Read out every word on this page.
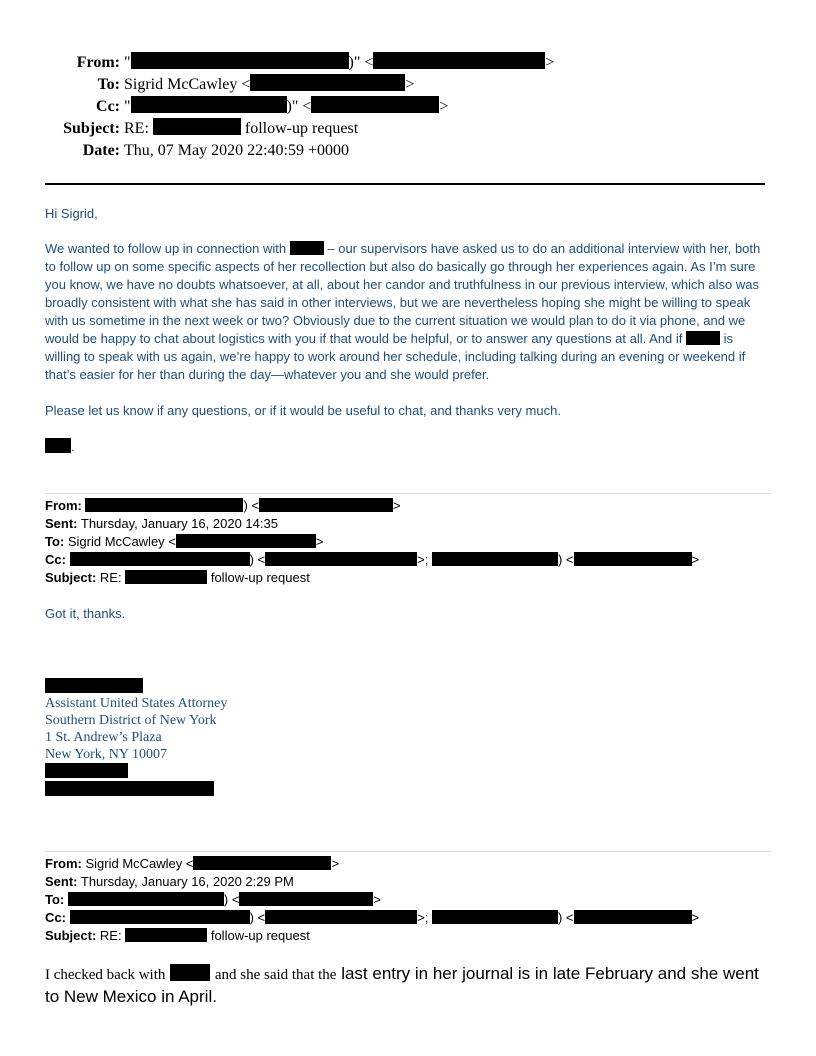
From: "	)" <	>
To: Sigrid McCawley <	>
Cc: "	)" <	>
Subject: RE:	follow-up request
Date: Thu, 07 May 2020 22:40:59 +0000
Hi Sigrid,
We wanted to follow up in connection with	– our supervisors have asked us to do an additional interview with her, both to follow up on some specific aspects of her recollection but also do basically go through her experiences again. As I’m sure you know, we have no doubts whatsoever, at all, about her candor and truthfulness in our previous interview, which also was broadly consistent with what she has said in other interviews, but we are nevertheless hoping she might be willing to speak with us sometime in the next week or two? Obviously due to the current situation we would plan to do it via phone, and we would be happy to chat about logistics with you if that would be helpful, or to answer any questions at all. And if	is willing to speak with us again, we’re happy to work around her schedule, including talking during an evening or weekend if that’s easier for her than during the day—whatever you and she would prefer.
Please let us know if any questions, or if it would be useful to chat, and thanks very much.
.
From:	) <	>
Sent: Thursday, January 16, 2020 14:35
To: Sigrid McCawley <	>
Cc:	) <	>;	) <	>
Subject: RE:	follow-up request
Got it, thanks.
Assistant United States Attorney
Southern District of New York
1 St. Andrew’s Plaza
New York, NY 10007
From: Sigrid McCawley <	>
Sent: Thursday, January 16, 2020 2:29 PM
To:	) <	>
Cc:	) <	>;	) <	>
Subject: RE:	follow-up request
I checked back with	and she said that the last entry in her journal is in late February and she went to New Mexico in April.
